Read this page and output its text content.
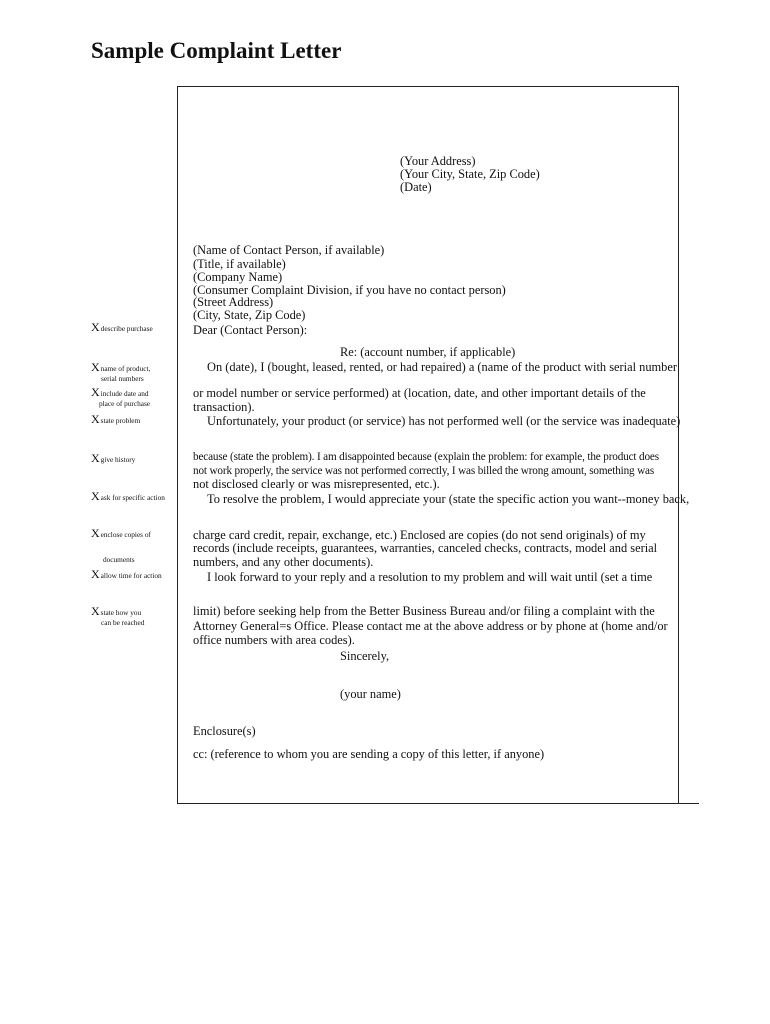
Sample Complaint Letter
(Your Address)
(Your City, State, Zip Code)
(Date)
(Name of Contact Person, if available)
(Title, if available)
(Company Name)
(Consumer Complaint Division, if you have no contact person)
(Street Address)
(City, State, Zip Code)
Dear (Contact Person):
Re: (account number, if applicable)
On (date), I (bought, leased, rented, or had repaired) a (name of the product with serial number
or model number or service performed) at (location, date, and other important details of the
transaction).
Unfortunately, your product (or service) has not performed well (or the service was inadequate)
because (state the problem). I am disappointed because (explain the problem: for example, the product does
not work properly, the service was not performed correctly, I was billed the wrong amount, something was
not disclosed clearly or was misrepresented, etc.).
To resolve the problem, I would appreciate your (state the specific action you want--money back,
charge card credit, repair, exchange, etc.) Enclosed are copies (do not send originals) of my
records (include receipts, guarantees, warranties, canceled checks, contracts, model and serial
numbers, and any other documents).
I look forward to your reply and a resolution to my problem and will wait until (set a time
limit) before seeking help from the Better Business Bureau and/or filing a complaint with the
Attorney General=s Office. Please contact me at the above address or by phone at (home and/or
office numbers with area codes).
Sincerely,
(your name)
Enclosure(s)
cc: (reference to whom you are sending a copy of this letter, if anyone)
Xdescribe purchase
Xname of product,
serial numbers
Xinclude date and
place of purchase
Xstate problem
Xgive history
Xask for specific action
Xenclose copies of
documents
Xallow time for action
Xstate how you
can be reached
